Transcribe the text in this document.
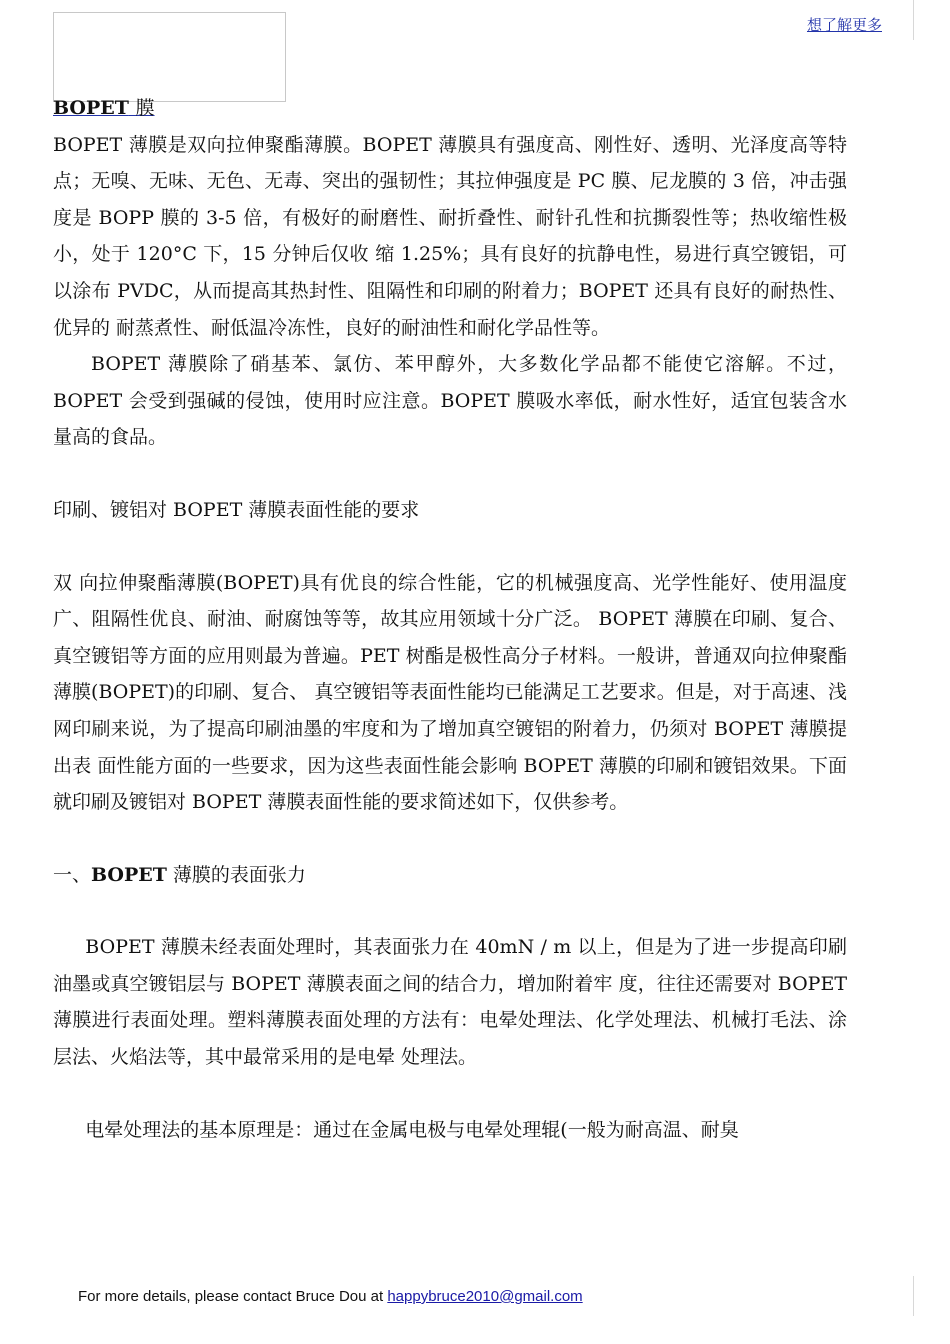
想了解更多

BOPET 膜

BOPET 薄膜是双向拉伸聚酯薄膜。BOPET 薄膜具有强度高、刚性好、透明、光泽度高等特点；无嗅、无味、无色、无毒、突出的强韧性；其拉伸强度是 PC 膜、尼龙膜的 3 倍，冲击强度是 BOPP 膜的 3-5 倍，有极好的耐磨性、耐折叠性、耐针孔性和抗撕裂性等；热收缩性极小，处于 120°C 下，15 分钟后仅收 缩 1.25%；具有良好的抗静电性，易进行真空镀铝，可以涂布 PVDC，从而提高其热封性、阻隔性和印刷的附着力；BOPET 还具有良好的耐热性、优异的 耐蒸煮性、耐低温冷冻性，良好的耐油性和耐化学品性等。

BOPET 薄膜除了硝基苯、氯仿、苯甲醇外，大多数化学品都不能使它溶解。不过，BOPET 会受到强碱的侵蚀，使用时应注意。BOPET 膜吸水率低，耐水性好，适宜包装含水量高的食品。

印刷、镀铝对 BOPET 薄膜表面性能的要求

双 向拉伸聚酯薄膜(BOPET)具有优良的综合性能，它的机械强度高、光学性能好、使用温度广、阻隔性优良、耐油、耐腐蚀等等，故其应用领域十分广泛。 BOPET 薄膜在印刷、复合、真空镀铝等方面的应用则最为普遍。PET 树酯是极性高分子材料。一般讲，普通双向拉伸聚酯薄膜(BOPET)的印刷、复合、 真空镀铝等表面性能均已能满足工艺要求。但是，对于高速、浅网印刷来说，为了提高印刷油墨的牢度和为了增加真空镀铝的附着力，仍须对 BOPET 薄膜提出表 面性能方面的一些要求，因为这些表面性能会影响 BOPET 薄膜的印刷和镀铝效果。下面就印刷及镀铝对 BOPET 薄膜表面性能的要求简述如下，仅供参考。

一、BOPET 薄膜的表面张力

BOPET 薄膜未经表面处理时，其表面张力在 40mN / m 以上，但是为了进一步提高印刷油墨或真空镀铝层与 BOPET 薄膜表面之间的结合力，增加附着牢 度，往往还需要对 BOPET 薄膜进行表面处理。塑料薄膜表面处理的方法有：电晕处理法、化学处理法、机械打毛法、涂层法、火焰法等，其中最常采用的是电晕 处理法。

电晕处理法的基本原理是：通过在金属电极与电晕处理辊(一般为耐高温、耐臭

For more details, please contact Bruce Dou at happybruce2010@gmail.com
